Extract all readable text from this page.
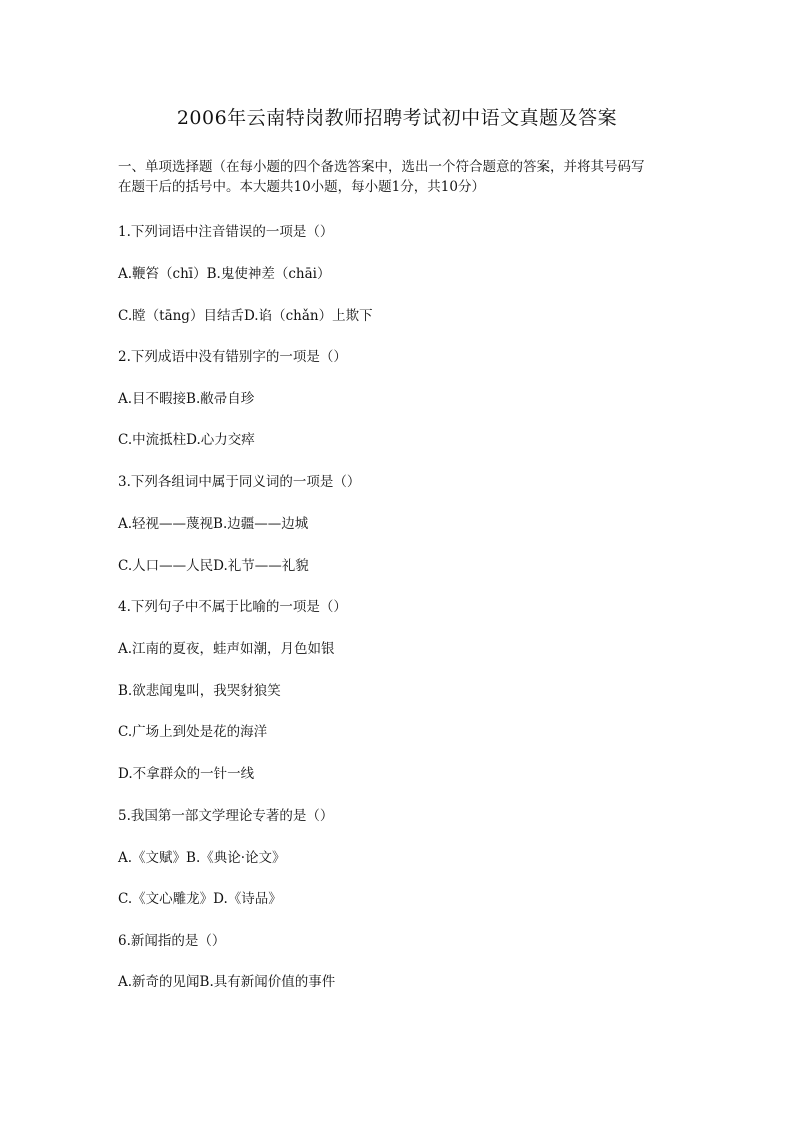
2006年云南特岗教师招聘考试初中语文真题及答案
一、单项选择题（在每小题的四个备选答案中，选出一个符合题意的答案，并将其号码写
在题干后的括号中。本大题共10小题，每小题1分，共10分）
1.下列词语中注音错误的一项是（）
A.鞭笞（chī）B.鬼使神差（chāi）
C.瞠（tāng）目结舌D.谄（chǎn）上欺下
2.下列成语中没有错别字的一项是（）
A.目不暇接B.敝帚自珍
C.中流抵柱D.心力交瘁
3.下列各组词中属于同义词的一项是（）
A.轻视——蔑视B.边疆——边城
C.人口——人民D.礼节——礼貌
4.下列句子中不属于比喻的一项是（）
A.江南的夏夜，蛙声如潮，月色如银
B.欲悲闻鬼叫，我哭豺狼笑
C.广场上到处是花的海洋
D.不拿群众的一针一线
5.我国第一部文学理论专著的是（）
A.《文赋》B.《典论·论文》
C.《文心雕龙》D.《诗品》
6.新闻指的是（）
A.新奇的见闻B.具有新闻价值的事件
